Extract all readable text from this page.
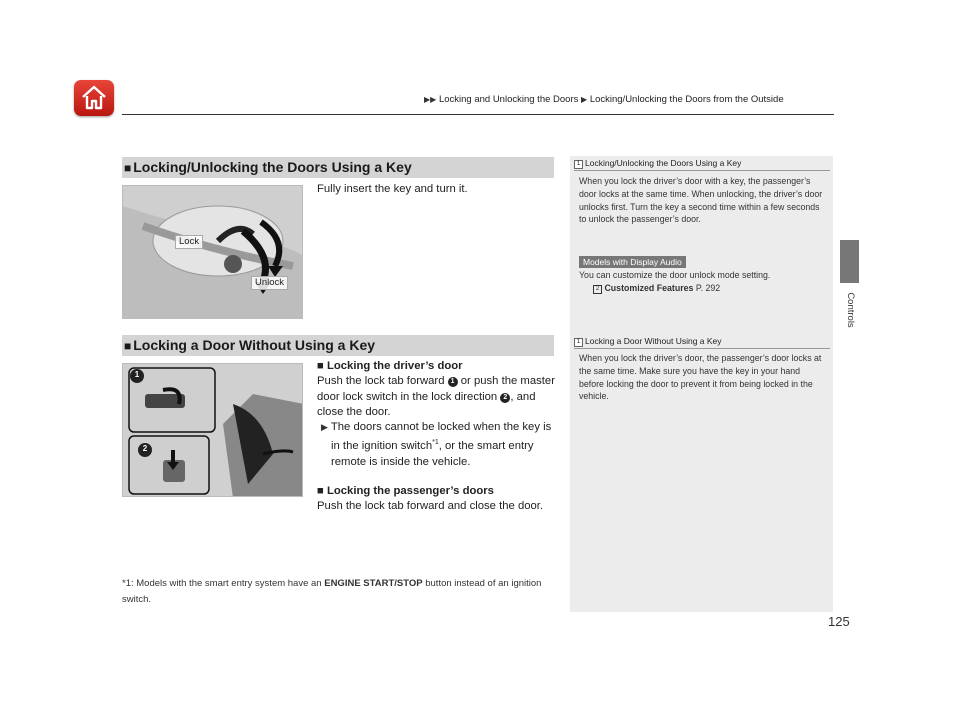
▶▶ Locking and Unlocking the Doors ▶ Locking/Unlocking the Doors from the Outside
Controls
■ Locking/Unlocking the Doors Using a Key
Lock
Unlock
Fully insert the key and turn it.
■ Locking a Door Without Using a Key
1
2
■ Locking the driver’s door
Push the lock tab forward 1 or push the master door lock switch in the lock direction 2 , and close the door.
▶ The doors cannot be locked when the key is in the ignition switch$^{*1}$, or the smart entry remote is inside the vehicle.
■ Locking the passenger’s doors
Push the lock tab forward and close the door.
*1: Models with the smart entry system have an ENGINE START/STOP button instead of an ignition switch.
1 Locking/Unlocking the Doors Using a Key
When you lock the driver’s door with a key, the passenger’s door locks at the same time. When unlocking, the driver’s door unlocks first. Turn the key a second time within a few seconds to unlock the passenger’s door.
Models with Display Audio
You can customize the door unlock mode setting.
2 Customized Features P. 292
1 Locking a Door Without Using a Key
When you lock the driver’s door, the passenger’s door locks at the same time. Make sure you have the key in your hand before locking the door to prevent it from being locked in the vehicle.
125
